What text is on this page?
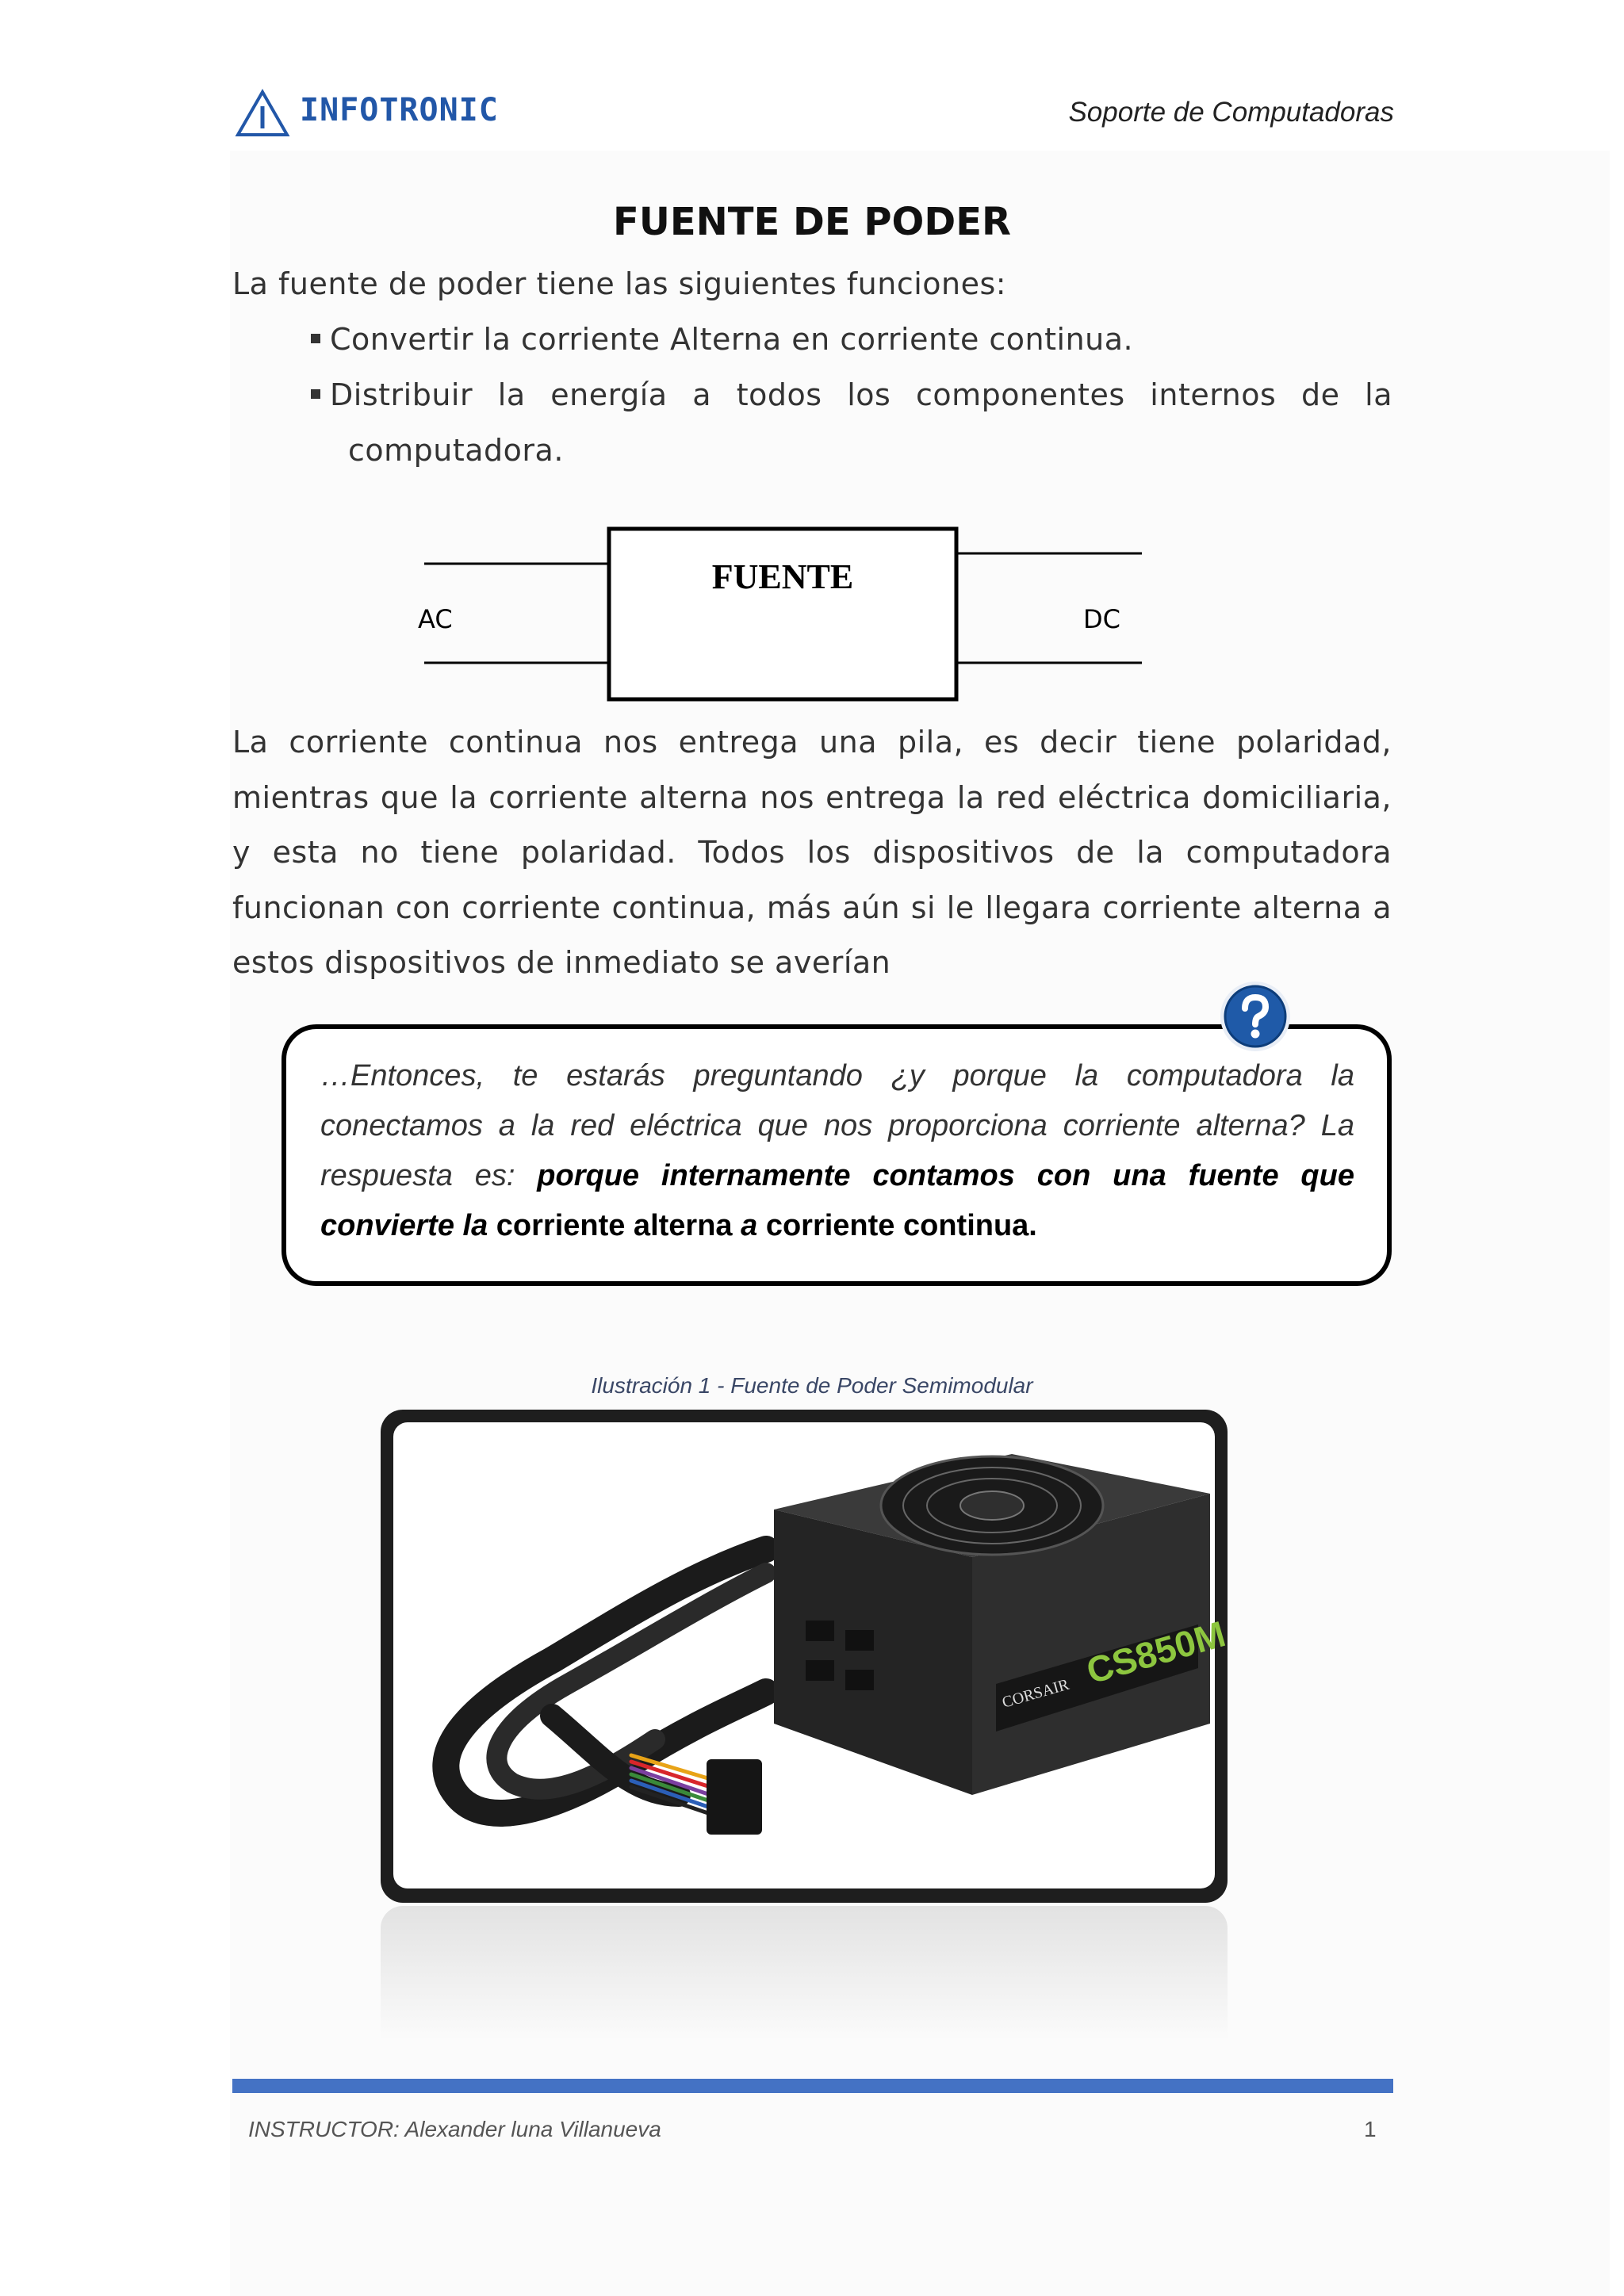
INFOTRONIC	Soporte de Computadoras
FUENTE DE PODER
La fuente de poder tiene las siguientes funciones:
Convertir la corriente Alterna en corriente continua.
Distribuir la energía a todos los componentes internos de la
computadora.
FUENTE
AC	DC
La corriente continua nos entrega una pila, es decir tiene polaridad, mientras que la corriente alterna nos entrega la red eléctrica domiciliaria, y esta no tiene polaridad. Todos los dispositivos de la computadora funcionan con corriente continua, más aún si le llegara corriente alterna a estos dispositivos de inmediato se averían
…Entonces, te estarás preguntando ¿y porque la computadora la conectamos a la red eléctrica que nos proporciona corriente alterna? La respuesta es: porque internamente contamos con una fuente que convierte la corriente alterna a corriente continua.
Ilustración 1 - Fuente de Poder Semimodular
CORSAIR
CS850M
INSTRUCTOR: Alexander luna Villanueva	1
